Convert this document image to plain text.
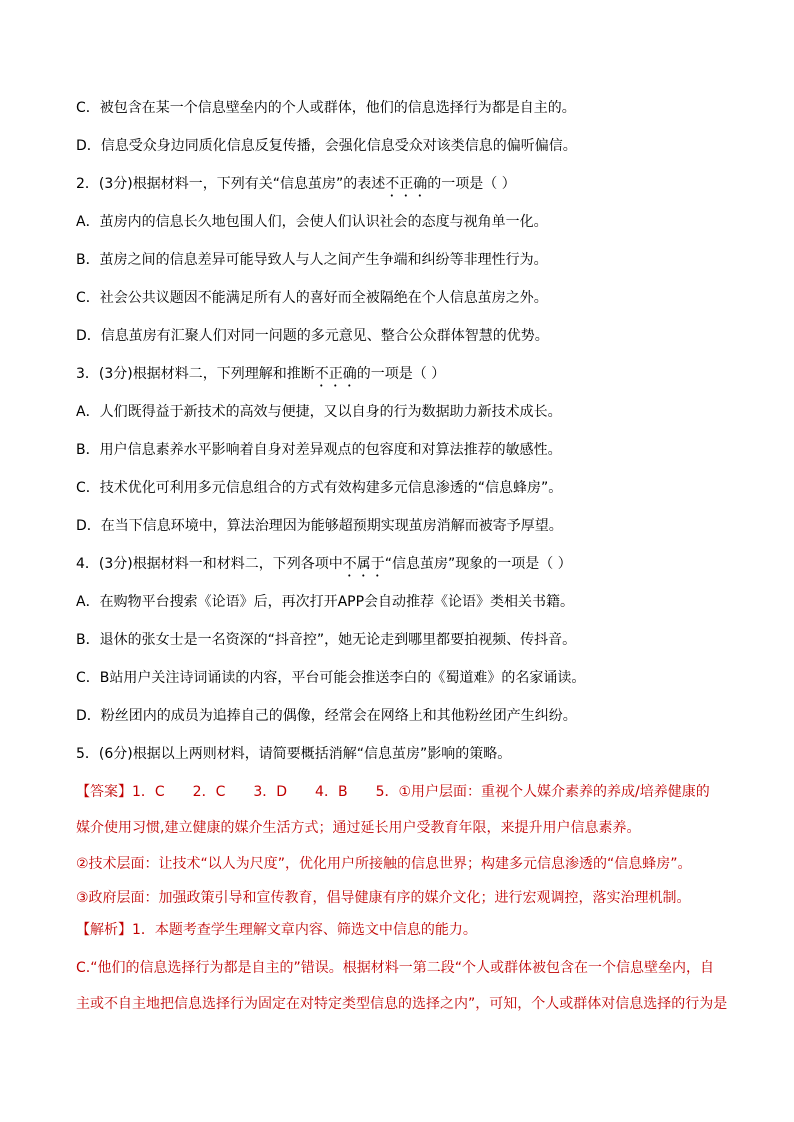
C．被包含在某一个信息壁垒内的个人或群体，他们的信息选择行为都是自主的。
D．信息受众身边同质化信息反复传播，会强化信息受众对该类信息的偏听偏信。
2．(3分)根据材料一，下列有关“信息茧房”的表述不正确的一项是（ ）
A．茧房内的信息长久地包围人们，会使人们认识社会的态度与视角单一化。
B．茧房之间的信息差异可能导致人与人之间产生争端和纠纷等非理性行为。
C．社会公共议题因不能满足所有人的喜好而全被隔绝在个人信息茧房之外。
D．信息茧房有汇聚人们对同一问题的多元意见、整合公众群体智慧的优势。
3．(3分)根据材料二，下列理解和推断不正确的一项是（ ）
A．人们既得益于新技术的高效与便捷，又以自身的行为数据助力新技术成长。
B．用户信息素养水平影响着自身对差异观点的包容度和对算法推荐的敏感性。
C．技术优化可利用多元信息组合的方式有效构建多元信息渗透的“信息蜂房”。
D．在当下信息环境中，算法治理因为能够超预期实现茧房消解而被寄予厚望。
4．(3分)根据材料一和材料二，下列各项中不属于“信息茧房”现象的一项是（ ）
A．在购物平台搜索《论语》后，再次打开APP会自动推荐《论语》类相关书籍。
B．退休的张女士是一名资深的“抖音控”，她无论走到哪里都要拍视频、传抖音。
C．B站用户关注诗词诵读的内容，平台可能会推送李白的《蜀道难》的名家诵读。
D．粉丝团内的成员为追捧自己的偶像，经常会在网络上和其他粉丝团产生纠纷。
5．(6分)根据以上两则材料，请简要概括消解“信息茧房”影响的策略。
【答案】1．C　　2．C　　3．D　　4．B　　5．①用户层面：重视个人媒介素养的养成/培养健康的
媒介使用习惯,建立健康的媒介生活方式；通过延长用户受教育年限，来提升用户信息素养。
②技术层面：让技术“以人为尺度”，优化用户所接触的信息世界；构建多元信息渗透的“信息蜂房”。
③政府层面：加强政策引导和宣传教育，倡导健康有序的媒介文化；进行宏观调控，落实治理机制。
【解析】1．本题考查学生理解文章内容、筛选文中信息的能力。
C.“他们的信息选择行为都是自主的”错误。根据材料一第二段“个人或群体被包含在一个信息壁垒内，自
主或不自主地把信息选择行为固定在对特定类型信息的选择之内”，可知，个人或群体对信息选择的行为是
